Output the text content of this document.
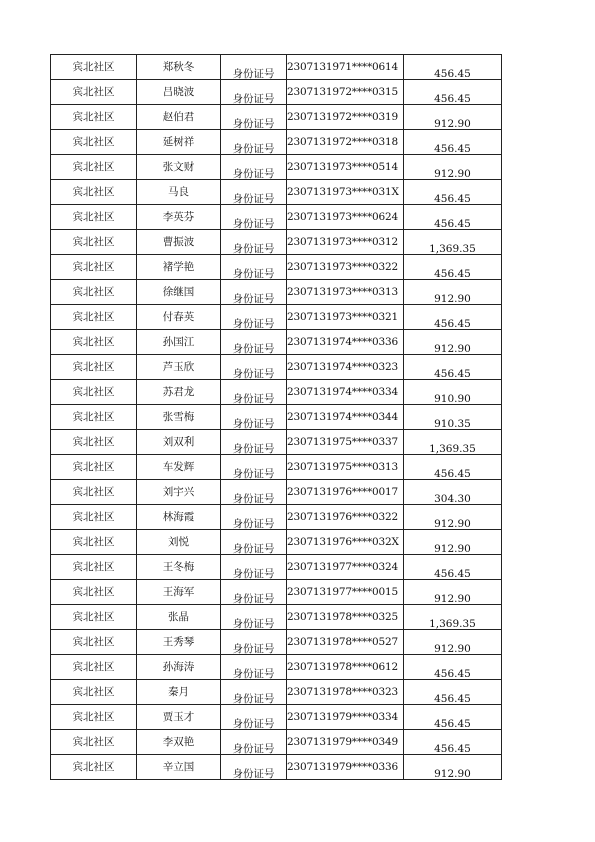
宾北社区	郑秋冬	身份证号	2307131971****0614	456.45
宾北社区	吕晓波	身份证号	2307131972****0315	456.45
宾北社区	赵伯君	身份证号	2307131972****0319	912.90
宾北社区	延树祥	身份证号	2307131972****0318	456.45
宾北社区	张文财	身份证号	2307131973****0514	912.90
宾北社区	马良	身份证号	2307131973****031X	456.45
宾北社区	李英芬	身份证号	2307131973****0624	456.45
宾北社区	曹振波	身份证号	2307131973****0312	1,369.35
宾北社区	褚学艳	身份证号	2307131973****0322	456.45
宾北社区	徐继国	身份证号	2307131973****0313	912.90
宾北社区	付春英	身份证号	2307131973****0321	456.45
宾北社区	孙国江	身份证号	2307131974****0336	912.90
宾北社区	芦玉欣	身份证号	2307131974****0323	456.45
宾北社区	苏君龙	身份证号	2307131974****0334	910.90
宾北社区	张雪梅	身份证号	2307131974****0344	910.35
宾北社区	刘双利	身份证号	2307131975****0337	1,369.35
宾北社区	车发辉	身份证号	2307131975****0313	456.45
宾北社区	刘宇兴	身份证号	2307131976****0017	304.30
宾北社区	林海霞	身份证号	2307131976****0322	912.90
宾北社区	刘悦	身份证号	2307131976****032X	912.90
宾北社区	王冬梅	身份证号	2307131977****0324	456.45
宾北社区	王海军	身份证号	2307131977****0015	912.90
宾北社区	张晶	身份证号	2307131978****0325	1,369.35
宾北社区	王秀琴	身份证号	2307131978****0527	912.90
宾北社区	孙海涛	身份证号	2307131978****0612	456.45
宾北社区	秦月	身份证号	2307131978****0323	456.45
宾北社区	贾玉才	身份证号	2307131979****0334	456.45
宾北社区	李双艳	身份证号	2307131979****0349	456.45
宾北社区	辛立国	身份证号	2307131979****0336	912.90
